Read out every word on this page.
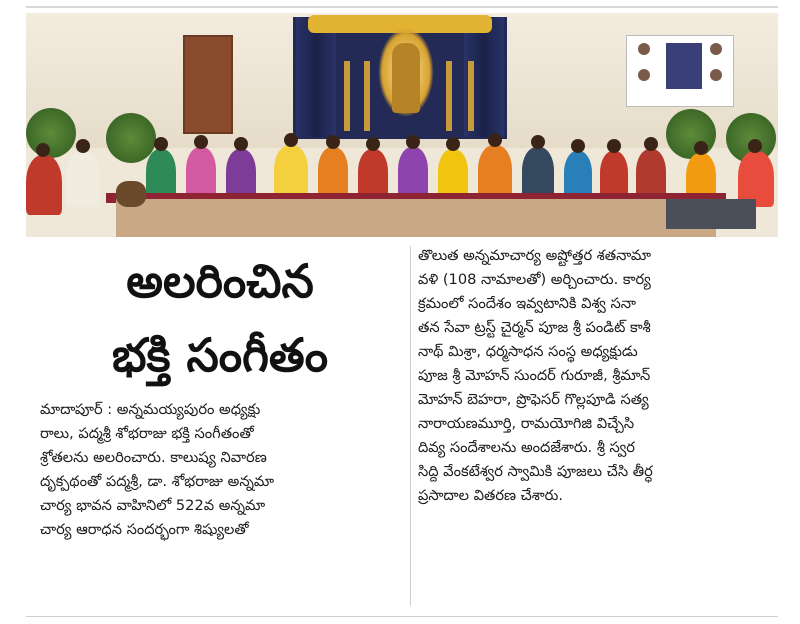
అలరించిన
భక్తి సంగీతం
మాదాపూర్ : అన్నమయ్యపురం అధ్యక్షు
రాలు, పద్మశ్రీ శోభరాజు భక్తి సంగీతంతో
శ్రోతలను అలరించారు. కాలుష్య నివారణ
దృక్పథంతో పద్మశ్రీ, డా. శోభరాజు అన్నమా
చార్య భావన వాహినిలో 522వ అన్నమా
చార్య ఆరాధన సందర్భంగా శిష్యులతో
తొలుత అన్నమాచార్య అష్టోత్తర శతనామా
వళి (108 నామాలతో) అర్చించారు. కార్య
క్రమంలో సందేశం ఇవ్వటానికి విశ్వ సనా
తన సేవా ట్రస్ట్ చైర్మన్ పూజ శ్రీ పండిట్ కాశీ
నాథ్ మిశ్రా, ధర్మసాధన సంస్థ అధ్యక్షుడు
పూజ శ్రీ మోహన్ సుందర్ గురూజీ, శ్రీమాన్
మోహన్ బెహరా, ప్రొఫెసర్ గొల్లపూడి సత్య
నారాయణమూర్తి, రామయోగిజి విచ్చేసి
దివ్య సందేశాలను అందజేశారు. శ్రీ స్వర
సిద్ది వేంకటేశ్వర స్వామికి పూజలు చేసి తీర్ధ
ప్రసాదాల వితరణ చేశారు.
